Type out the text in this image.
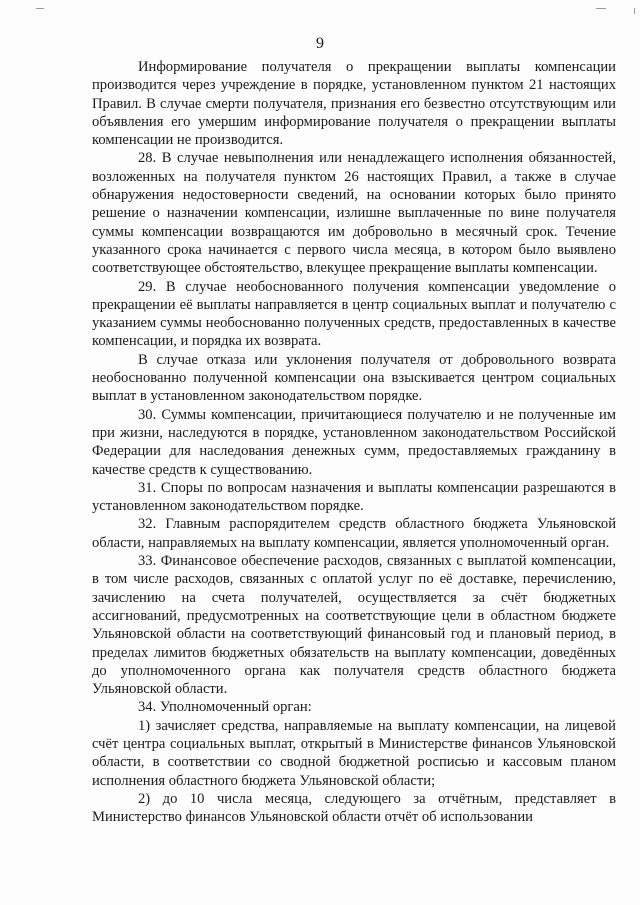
9

Информирование получателя о прекращении выплаты компенсации производится через учреждение в порядке, установленном пунктом 21 настоящих Правил. В случае смерти получателя, признания его безвестно отсутствующим или объявления его умершим информирование получателя о прекращении выплаты компенсации не производится.

28. В случае невыполнения или ненадлежащего исполнения обязанностей, возложенных на получателя пунктом 26 настоящих Правил, а также в случае обнаружения недостоверности сведений, на основании которых было принято решение о назначении компенсации, излишне выплаченные по вине получателя суммы компенсации возвращаются им добровольно в месячный срок. Течение указанного срока начинается с первого числа месяца, в котором было выявлено соответствующее обстоятельство, влекущее прекращение выплаты компенсации.

29. В случае необоснованного получения компенсации уведомление о прекращении её выплаты направляется в центр социальных выплат и получателю с указанием суммы необоснованно полученных средств, предоставленных в качестве компенсации, и порядка их возврата.

В случае отказа или уклонения получателя от добровольного возврата необоснованно полученной компенсации она взыскивается центром социальных выплат в установленном законодательством порядке.

30. Суммы компенсации, причитающиеся получателю и не полученные им при жизни, наследуются в порядке, установленном законодательством Российской Федерации для наследования денежных сумм, предоставляемых гражданину в качестве средств к существованию.

31. Споры по вопросам назначения и выплаты компенсации разрешаются в установленном законодательством порядке.

32. Главным распорядителем средств областного бюджета Ульяновской области, направляемых на выплату компенсации, является уполномоченный орган.

33. Финансовое обеспечение расходов, связанных с выплатой компенсации, в том числе расходов, связанных с оплатой услуг по её доставке, перечислению, зачислению на счета получателей, осуществляется за счёт бюджетных ассигнований, предусмотренных на соответствующие цели в областном бюджете Ульяновской области на соответствующий финансовый год и плановый период, в пределах лимитов бюджетных обязательств на выплату компенсации, доведённых до уполномоченного органа как получателя средств областного бюджета Ульяновской области.

34. Уполномоченный орган:

1) зачисляет средства, направляемые на выплату компенсации, на лицевой счёт центра социальных выплат, открытый в Министерстве финансов Ульяновской области, в соответствии со сводной бюджетной росписью и кассовым планом исполнения областного бюджета Ульяновской области;

2) до 10 числа месяца, следующего за отчётным, представляет в Министерство финансов Ульяновской области отчёт об использовании
